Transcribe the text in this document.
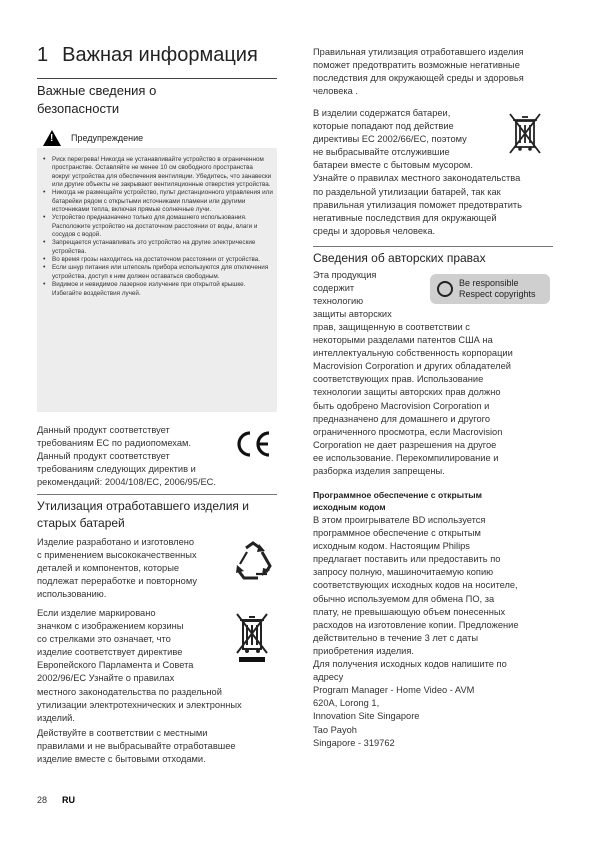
1 Важная информация
Важные сведения о
безопасности
! Предупреждение
• Риск перегрева! Никогда не устанавливайте устройство в ограниченном пространстве. Оставляйте не менее 10 см свободного пространства вокруг устройства для обеспечения вентиляции. Убедитесь, что занавески или другие объекты не закрывают вентиляционные отверстия устройства.
• Никогда не размещайте устройство, пульт дистанционного управления или батарейки рядом с открытыми источниками пламени или другими источниками тепла, включая прямые солнечные лучи.
• Устройство предназначено только для домашнего использования. Расположите устройство на достаточном расстоянии от воды, влаги и сосудов с водой.
• Запрещается устанавливать это устройство на другие электрические устройства.
• Во время грозы находитесь на достаточном расстоянии от устройства.
• Если шнур питания или штепсель прибора используются для отключения устройства, доступ к ним должен оставаться свободным.
• Видимое и невидимое лазерное излучение при открытой крышке. Избегайте воздействия лучей.
Данный продукт соответствует
требованиям ЕС по радиопомехам.
Данный продукт соответствует
требованиям следующих директив и
рекомендаций: 2004/108/EC, 2006/95/EC.
Утилизация отработавшего изделия и
старых батарей
Изделие разработано и изготовлено
с применением высококачественных
деталей и компонентов, которые
подлежат переработке и повторному
использованию.
Если изделие маркировано
значком с изображением корзины
со стрелками это означает, что
изделие соответствует директиве
Европейского Парламента и Совета
2002/96/EC Узнайте о правилах
местного законодательства по раздельной
утилизации электротехнических и электронных
изделий.
Действуйте в соответствии с местными
правилами и не выбрасывайте отработавшее
изделие вместе с бытовыми отходами.
Правильная утилизация отработавшего изделия
поможет предотвратить возможные негативные
последствия для окружающей среды и здоровья
человека .
В изделии содержатся батареи,
которые попадают под действие
директивы ЕС 2002/66/EC, поэтому
не выбрасывайте отслужившие
батареи вместе с бытовым мусором.
Узнайте о правилах местного законодательства
по раздельной утилизации батарей, так как
правильная утилизация поможет предотвратить
негативные последствия для окружающей
среды и здоровья человека.
Сведения об авторских правах
Эта продукция
содержит
технологию
защиты авторских
Be responsible
Respect copyrights
прав, защищенную в соответствии с
некоторыми разделами патентов США на
интеллектуальную собственность корпорации
Macrovision Corporation и других обладателей
соответствующих прав. Использование
технологии защиты авторских прав должно
быть одобрено Macrovision Corporation и
предназначено для домашнего и другого
ограниченного просмотра, если Macrovision
Corporation не дает разрешения на другое
ее использование. Перекомпилирование и
разборка изделия запрещены.
Программное обеспечение с открытым
исходным кодом
В этом проигрывателе BD используется
программное обеспечение с открытым
исходным кодом. Настоящим Philips
предлагает поставить или предоставить по
запросу полную, машиночитаемую копию
соответствующих исходных кодов на носителе,
обычно используемом для обмена ПО, за
плату, не превышающую объем понесенных
расходов на изготовление копии. Предложение
действительно в течение 3 лет с даты
приобретения изделия.
Для получения исходных кодов напишите по
адресу
Program Manager - Home Video - AVM
620A, Lorong 1,
Innovation Site Singapore
Tao Payoh
Singapore - 319762
28 RU
